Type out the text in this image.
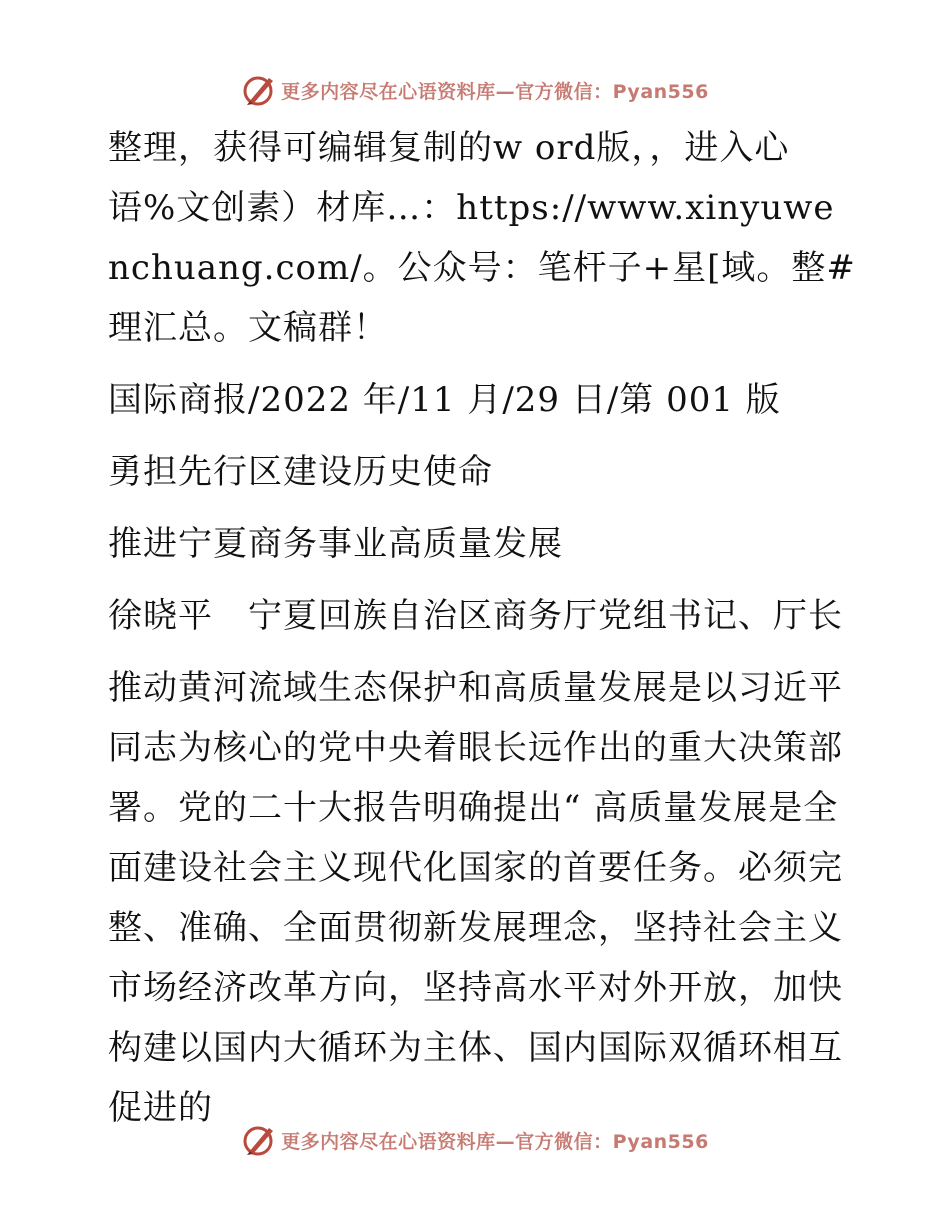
更多内容尽在心语资料库—官方微信：Pyan556

整理，获得可编辑复制的w ord版，，进入心语%文创素）材库…：https://www.xinyuwenchuang.com/。公众号：笔杆子+星[域。整#理汇总。文稿群！

国际商报/2022 年/11 月/29 日/第 001 版

勇担先行区建设历史使命

推进宁夏商务事业高质量发展

徐晓平　宁夏回族自治区商务厅党组书记、厅长

推动黄河流域生态保护和高质量发展是以习近平同志为核心的党中央着眼长远作出的重大决策部署。党的二十大报告明确提出“ 高质量发展是全面建设社会主义现代化国家的首要任务。必须完整、准确、全面贯彻新发展理念，坚持社会主义市场经济改革方向，坚持高水平对外开放，加快构建以国内大循环为主体、国内国际双循环相互促进的

更多内容尽在心语资料库—官方微信：Pyan556
